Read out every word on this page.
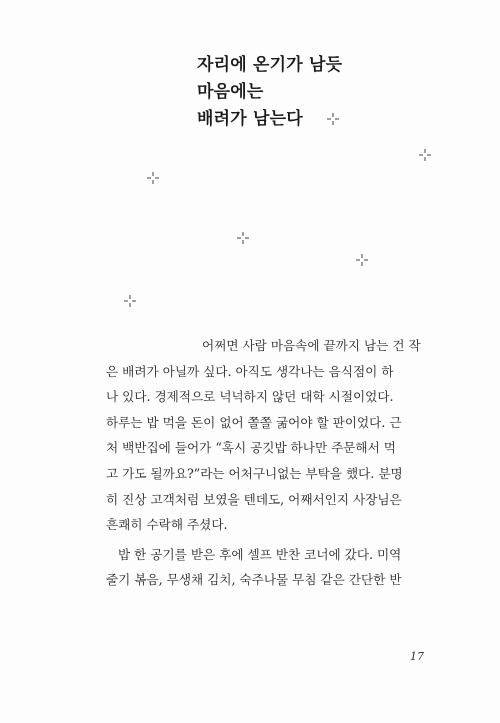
자리에 온기가 남듯
마음에는
배려가 남는다
어쩌면 사람 마음속에 끝까지 남는 건 작
은 배려가 아닐까 싶다. 아직도 생각나는 음식점이 하
나 있다. 경제적으로 넉넉하지 않던 대학 시절이었다.
하루는 밥 먹을 돈이 없어 쫄쫄 굶어야 할 판이었다. 근
처 백반집에 들어가 “혹시 공깃밥 하나만 주문해서 먹
고 가도 될까요?”라는 어처구니없는 부탁을 했다. 분명
히 진상 고객처럼 보였을 텐데도, 어째서인지 사장님은
흔쾌히 수락해 주셨다.
밥 한 공기를 받은 후에 셀프 반찬 코너에 갔다. 미역
줄기 볶음, 무생채 김치, 숙주나물 무침 같은 간단한 반
17
